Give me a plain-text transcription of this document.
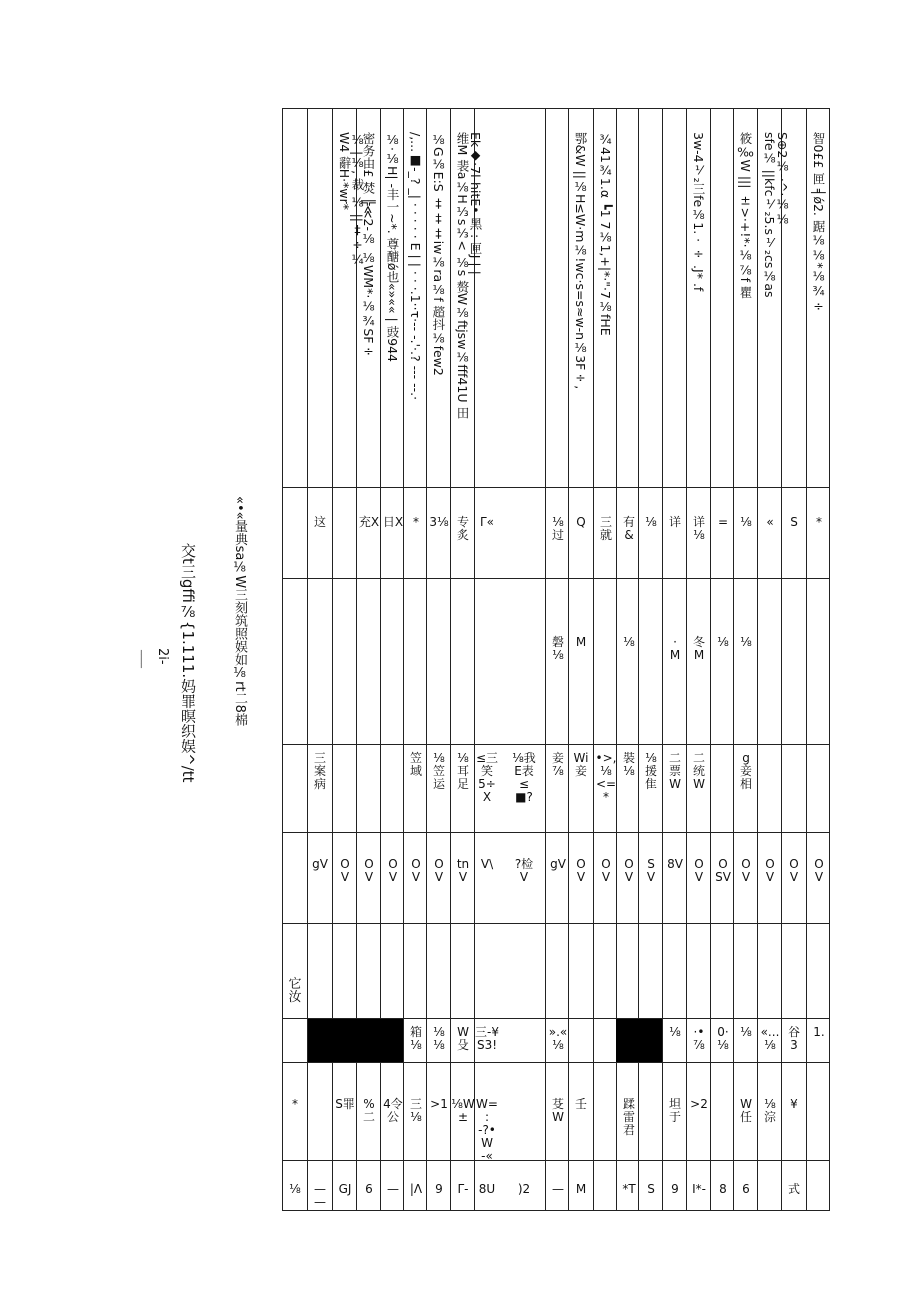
«•«量典sa⅛W三刻筑照娱如⅛rt二8棉
交t三gffi⅞{1.111.妈罪暝织娱^/tt
2i-
____
它汝
*
⅛
这
三
案
病
gV
—
—
W4 辭Η·*wr*
⅛ |⅛, 裁 ⅛ ||‡÷¼
O
V
S罪
GJ
密务由£ 焚 ╠≪2-⅛ ⅛WM*·⅛¾SF÷
充X
O
V
%
二
6
⅛·⅛H| -丰一~*. 尊醣ǿ也«»«« | 豉944
日X
O
V
4令
公
—
/,...■-_? _| · · · · · E | | · · ·.1··τ·-- -.'·.? --- --.·
*
笠
域
O
V
箱
⅛
三
⅛
|Λ
⅛G⅛E:S ‡‡‡iw⅛ra⅛f 趦抖⅛few2
3⅛
⅛
笠
运
O
V
⅛
⅛
>1
9
维M 裴a⅛H⅓s⅓< ⅛s 赘W⅛ftjsw⅛fff41U 田
Ek◆·7l-hitE• 黑 : 匣J | |
专
炙
⅛
耳
足
tn
V
W
殳
⅛W±
Γ-
Γ«
≤三
笑
5÷X
V\
三-¥
S3!
W= :
-?•W
-«
8U
⅛我
E表
≤■?
?检V
)2
⅛
过
磐
⅛
妾
⅞
gV
».«
⅛
芟
W
—
鄂&W ||⅛H≤W·m⅛!wc·s=s≈w-n⅛3F÷,
Q
M
Wi
妾
O
V
壬
M
¾41¾1.α ┗1 7⅛1,+|*·"·7⅛fHE
三
就
•>,
⅛
<=
*
O
V
有
&
⅛
裝
⅛
O
V
蹂
雷
君
*T
⅛
⅛
援
隹
S
V
S
详
·
M
二
票
W
8V
⅛
坦
于
9
3w-4⅟₂三fe⅛1. · ÷ .J* .f
详
⅛
冬
M
二
统
W
O
V
·•
⅞
>2
I*-
=
⅛
O
SV
0·
⅛
8
筱‰W ||| ±>·+!*·⅛⅞f 瞿
⅛
⅛
g
妾
相
O
V
⅛
W
任
6
sfe⅛ ||kfc⅟₂5.s⅟₂cs⅛as
S⊕2⅛-·^·⅛⅛
«
O
V
«...
⅛
⅛
淙
S
O
V
谷
3
¥
式
智0££ 匣 ╡ǿ2. 踞⅛⅛*⅛¾÷
*
O
V
1.
